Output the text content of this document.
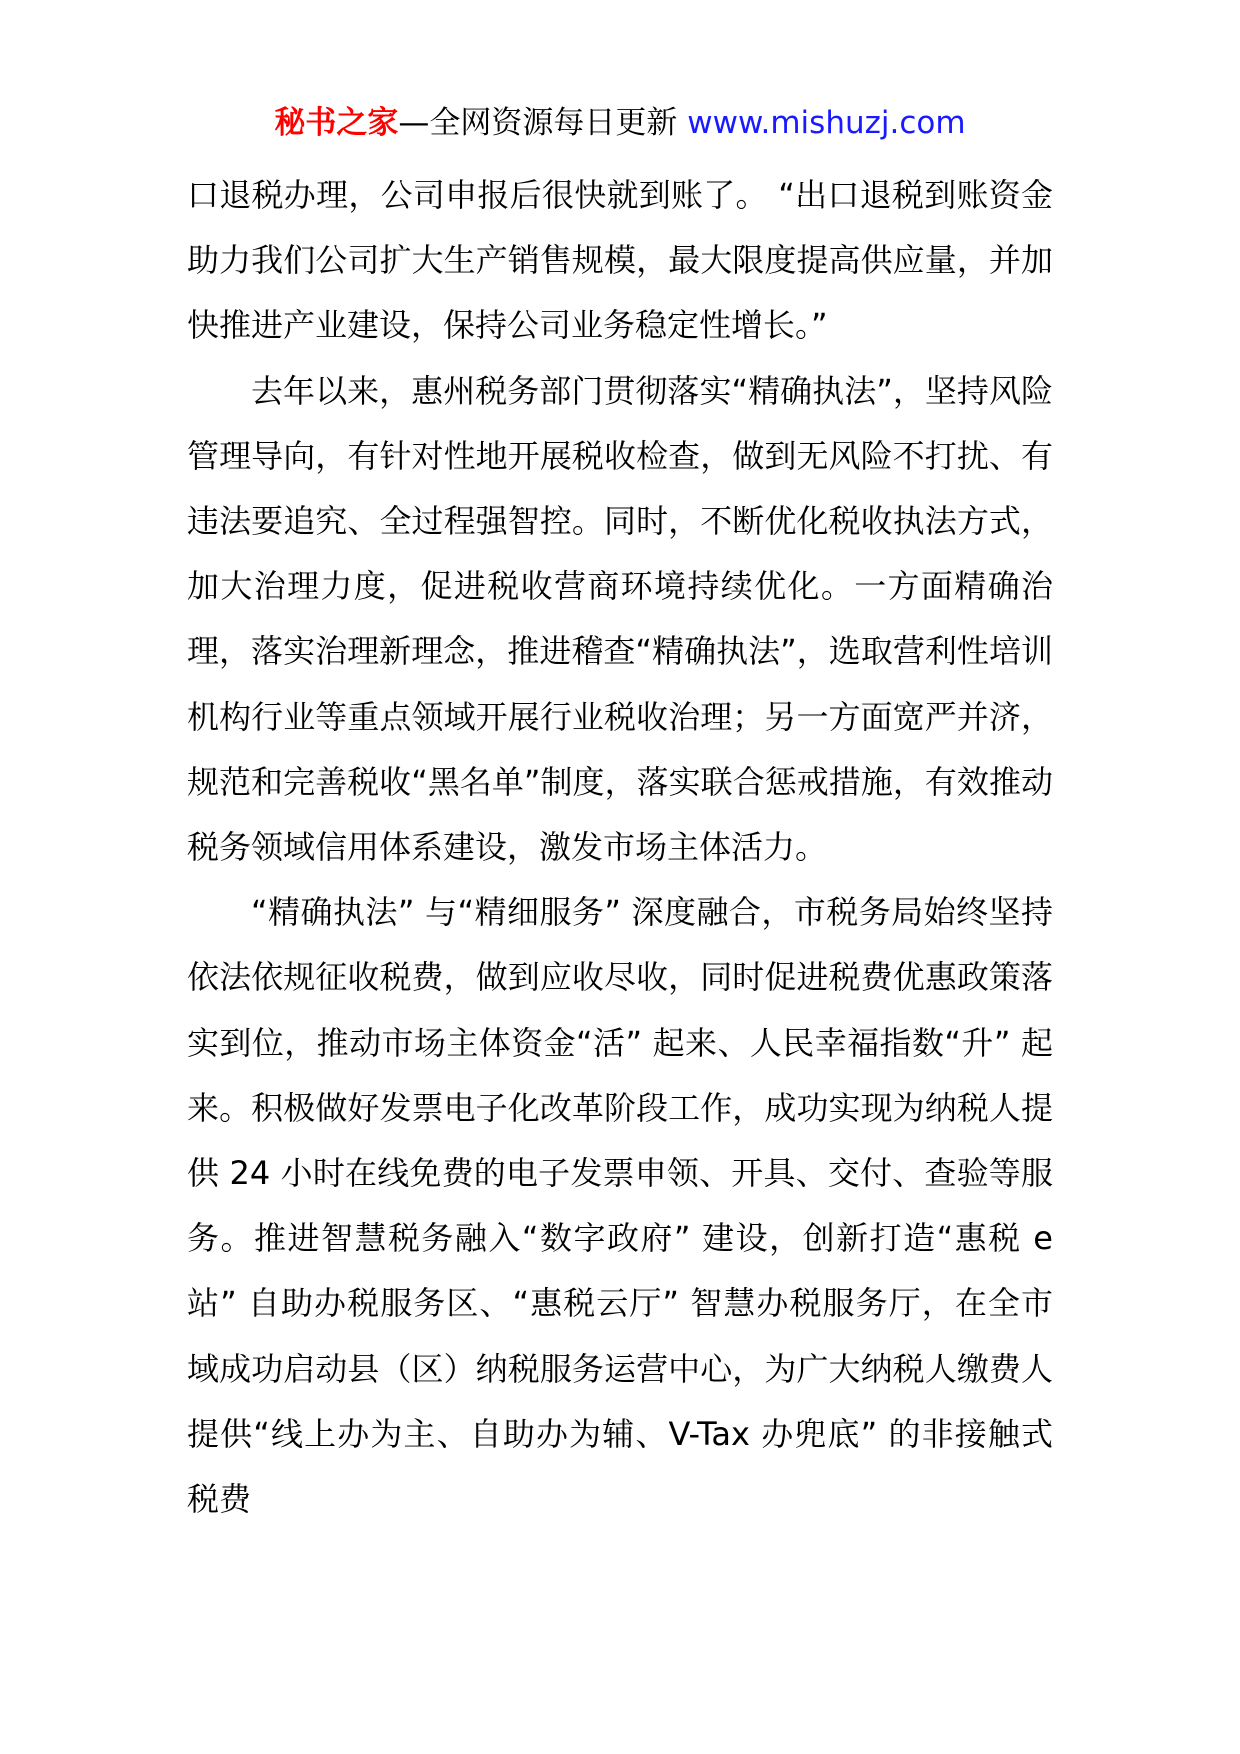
秘书之家—全网资源每日更新 www.mishuzj.com

口退税办理，公司申报后很快就到账了。 “出口退税到账资金助力我们公司扩大生产销售规模，最大限度提高供应量，并加快推进产业建设，保持公司业务稳定性增长。”

去年以来，惠州税务部门贯彻落实“精确执法”，坚持风险管理导向，有针对性地开展税收检查，做到无风险不打扰、有违法要追究、全过程强智控。同时，不断优化税收执法方式，加大治理力度，促进税收营商环境持续优化。一方面精确治理，落实治理新理念，推进稽查“精确执法”，选取营利性培训机构行业等重点领域开展行业税收治理；另一方面宽严并济，规范和完善税收“黑名单”制度，落实联合惩戒措施，有效推动税务领域信用体系建设，激发市场主体活力。

“精确执法” 与“精细服务” 深度融合，市税务局始终坚持依法依规征收税费，做到应收尽收，同时促进税费优惠政策落实到位，推动市场主体资金“活” 起来、人民幸福指数“升” 起来。积极做好发票电子化改革阶段工作，成功实现为纳税人提供 24 小时在线免费的电子发票申领、开具、交付、查验等服务。推进智慧税务融入“数字政府” 建设，创新打造“惠税 e 站” 自助办税服务区、“惠税云厅” 智慧办税服务厅，在全市域成功启动县（区）纳税服务运营中心，为广大纳税人缴费人提供“线上办为主、自助办为辅、V-Tax 办兜底” 的非接触式税费
